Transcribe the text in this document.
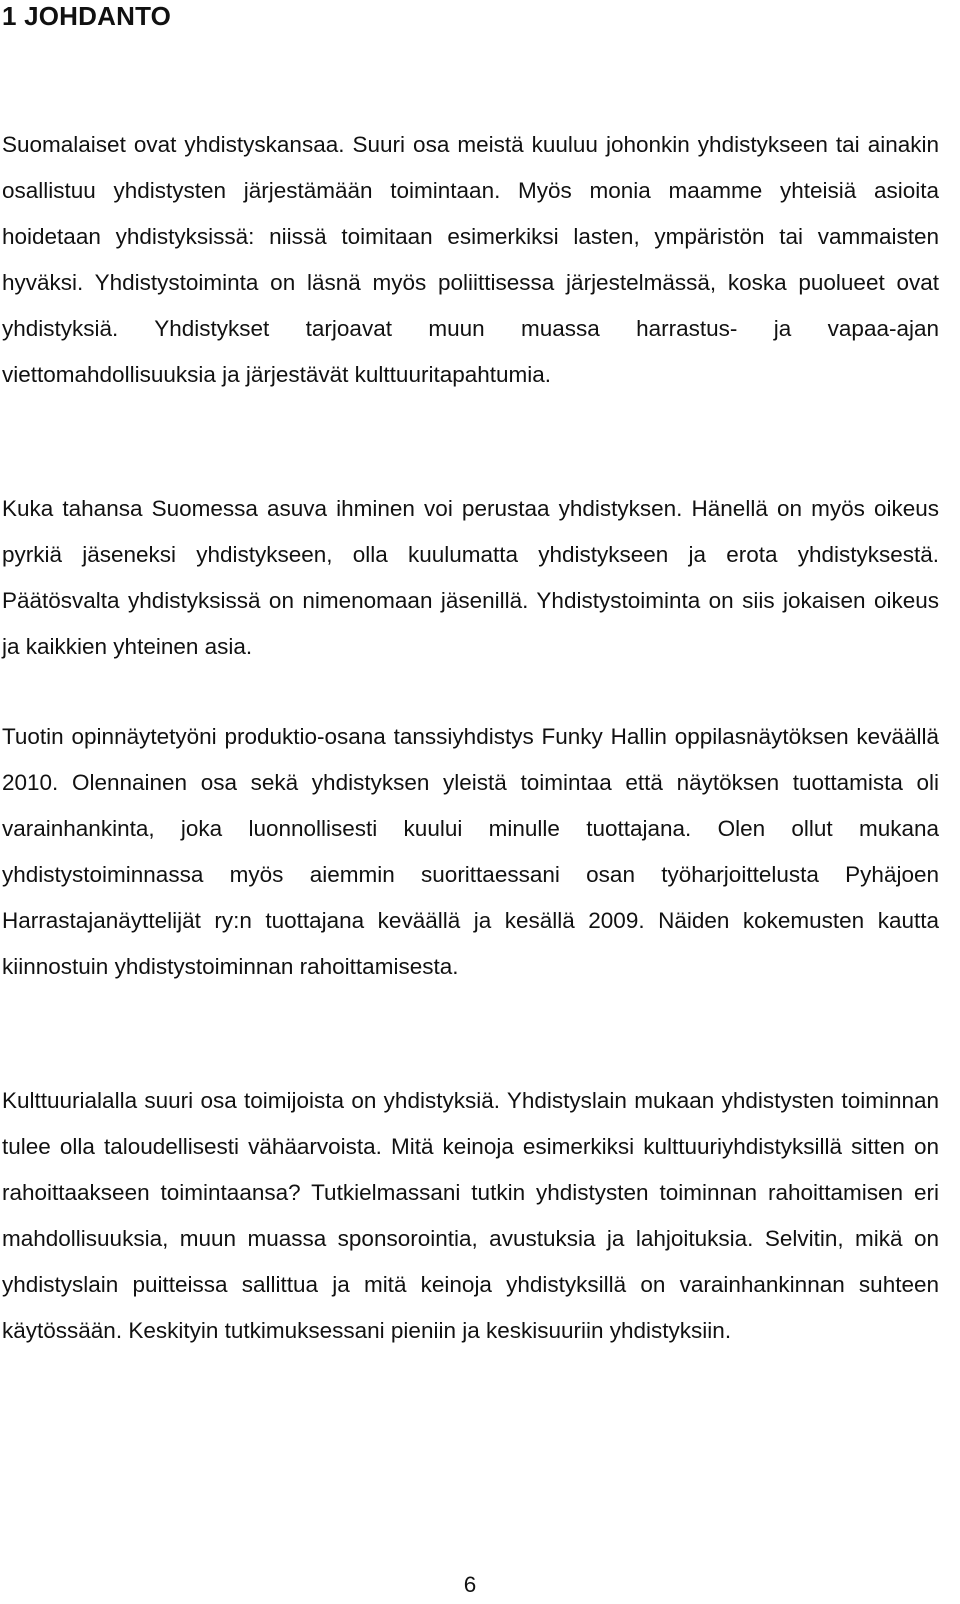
1 JOHDANTO

Suomalaiset ovat yhdistyskansaa. Suuri osa meistä kuuluu johonkin yhdistykseen tai ainakin osallistuu yhdistysten järjestämään toimintaan. Myös monia maamme yhteisiä asioita hoidetaan yhdistyksissä: niissä toimitaan esimerkiksi lasten, ympäristön tai vammaisten hyväksi. Yhdistystoiminta on läsnä myös poliittisessa järjestelmässä, koska puolueet ovat yhdistyksiä. Yhdistykset tarjoavat muun muassa harrastus- ja vapaa-ajan viettomahdollisuuksia ja järjestävät kulttuuritapahtumia.

Kuka tahansa Suomessa asuva ihminen voi perustaa yhdistyksen. Hänellä on myös oikeus pyrkiä jäseneksi yhdistykseen, olla kuulumatta yhdistykseen ja erota yhdistyksestä. Päätösvalta yhdistyksissä on nimenomaan jäsenillä. Yhdistystoiminta on siis jokaisen oikeus ja kaikkien yhteinen asia.

Tuotin opinnäytetyöni produktio-osana tanssiyhdistys Funky Hallin oppilasnäytöksen keväällä 2010. Olennainen osa sekä yhdistyksen yleistä toimintaa että näytöksen tuottamista oli varainhankinta, joka luonnollisesti kuului minulle tuottajana. Olen ollut mukana yhdistystoiminnassa myös aiemmin suorittaessani osan työharjoittelusta Pyhäjoen Harrastajanäyttelijät ry:n tuottajana keväällä ja kesällä 2009. Näiden kokemusten kautta kiinnostuin yhdistystoiminnan rahoittamisesta.

Kulttuurialalla suuri osa toimijoista on yhdistyksiä. Yhdistyslain mukaan yhdistysten toiminnan tulee olla taloudellisesti vähäarvoista. Mitä keinoja esimerkiksi kulttuuriyhdistyksillä sitten on rahoittaakseen toimintaansa? Tutkielmassani tutkin yhdistysten toiminnan rahoittamisen eri mahdollisuuksia, muun muassa sponsorointia, avustuksia ja lahjoituksia. Selvitin, mikä on yhdistyslain puitteissa sallittua ja mitä keinoja yhdistyksillä on varainhankinnan suhteen käytössään. Keskityin tutkimuksessani pieniin ja keskisuuriin yhdistyksiin.

6
